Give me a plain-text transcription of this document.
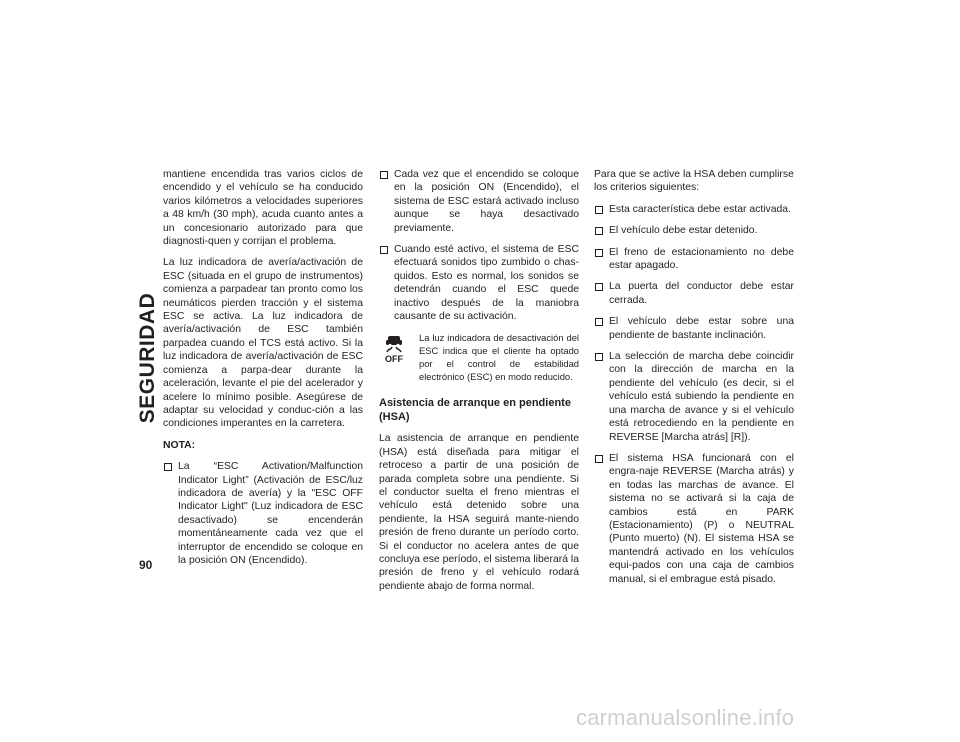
SEGURIDAD
90

mantiene encendida tras varios ciclos de encendido y el vehículo se ha conducido varios kilómetros a velocidades superiores a 48 km/h (30 mph), acuda cuanto antes a un concesionario autorizado para que diagnosti-quen y corrijan el problema.

La luz indicadora de avería/activación de ESC (situada en el grupo de instrumentos) comienza a parpadear tan pronto como los neumáticos pierden tracción y el sistema ESC se activa. La luz indicadora de avería/activación de ESC también parpadea cuando el TCS está activo. Si la luz indicadora de avería/activación de ESC comienza a parpa-dear durante la aceleración, levante el pie del acelerador y acelere lo mínimo posible. Asegúrese de adaptar su velocidad y conduc-ción a las condiciones imperantes en la carretera.

NOTA:
La “ESC Activation/Malfunction Indicator Light” (Activación de ESC/luz indicadora de avería) y la "ESC OFF Indicator Light" (Luz indicadora de ESC desactivado) se encenderán momentáneamente cada vez que el interruptor de encendido se coloque en la posición ON (Encendido).
Cada vez que el encendido se coloque en la posición ON (Encendido), el sistema de ESC estará activado incluso aunque se haya desactivado previamente.
Cuando esté activo, el sistema de ESC efectuará sonidos tipo zumbido o chas-quidos. Esto es normal, los sonidos se detendrán cuando el ESC quede inactivo después de la maniobra causante de su activación.
OFF
La luz indicadora de desactivación del ESC indica que el cliente ha optado por el control de estabilidad electrónico (ESC) en modo reducido.
Asistencia de arranque en pendiente (HSA)

La asistencia de arranque en pendiente (HSA) está diseñada para mitigar el retroceso a partir de una posición de parada completa sobre una pendiente. Si el conductor suelta el freno mientras el vehículo está detenido sobre una pendiente, la HSA seguirá mante-niendo presión de freno durante un período corto. Si el conductor no acelera antes de que concluya ese período, el sistema liberará la presión de freno y el vehículo rodará pendiente abajo de forma normal.

Para que se active la HSA deben cumplirse los criterios siguientes:

Esta característica debe estar activada.
El vehículo debe estar detenido.
El freno de estacionamiento no debe estar apagado.
La puerta del conductor debe estar cerrada.
El vehículo debe estar sobre una pendiente de bastante inclinación.
La selección de marcha debe coincidir con la dirección de marcha en la pendiente del vehículo (es decir, si el vehículo está subiendo la pendiente en una marcha de avance y si el vehículo está retrocediendo en la pendiente en REVERSE [Marcha atrás] [R]).
El sistema HSA funcionará con el engra-naje REVERSE (Marcha atrás) y en todas las marchas de avance. El sistema no se activará si la caja de cambios está en PARK (Estacionamiento) (P) o NEUTRAL (Punto muerto) (N). El sistema HSA se mantendrá activado en los vehículos equi-pados con una caja de cambios manual, si el embrague está pisado.
carmanualsonline.info
